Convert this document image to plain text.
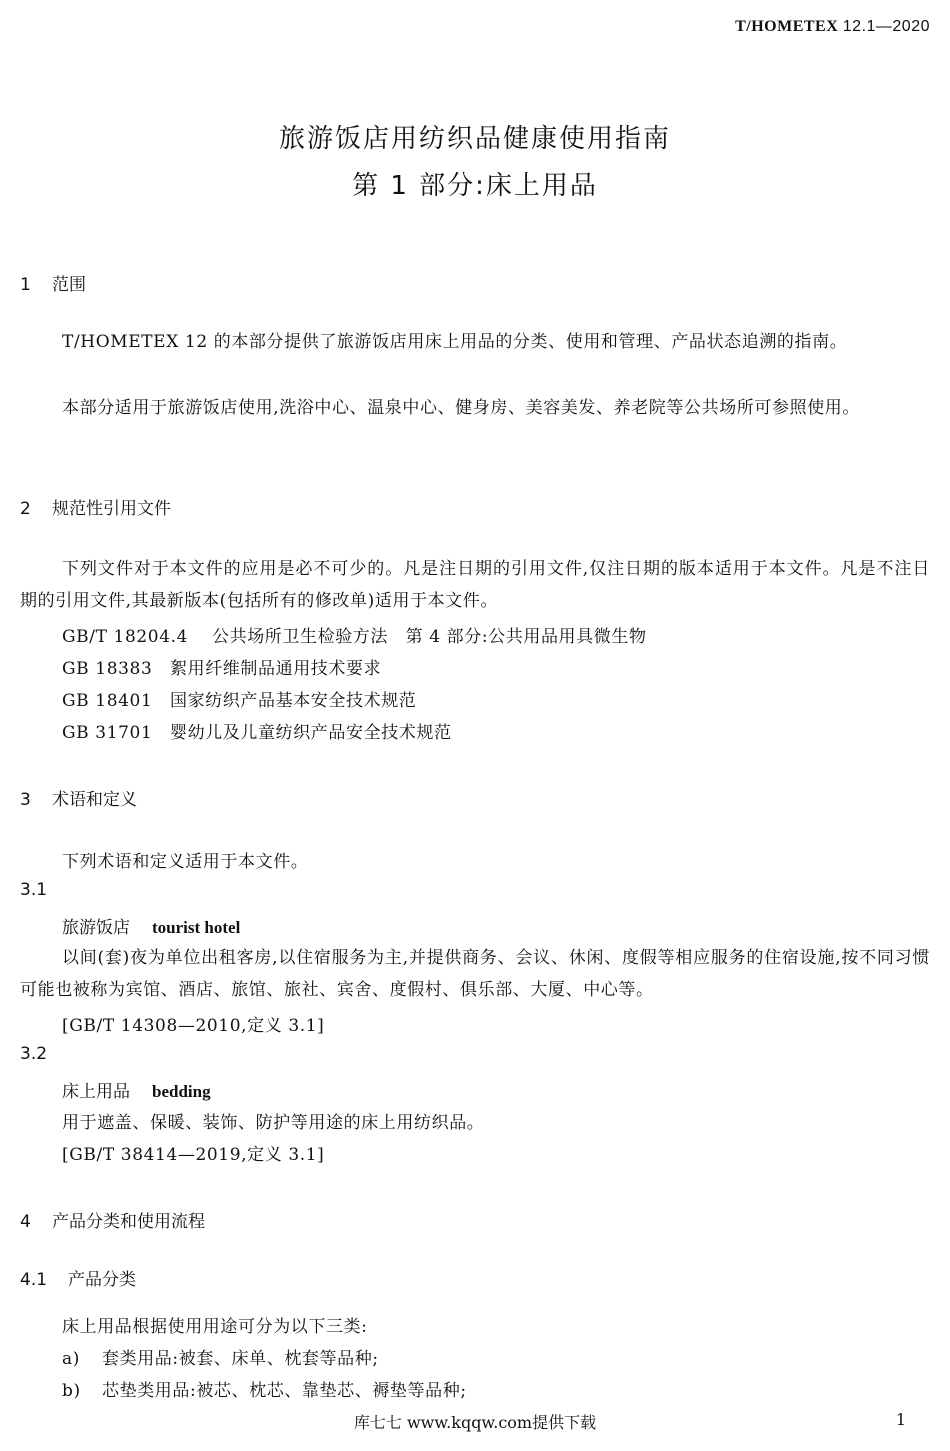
T/HOMETEX 12.1—2020
旅游饭店用纺织品健康使用指南
第 1 部分:床上用品
1 范围
T/HOMETEX 12 的本部分提供了旅游饭店用床上用品的分类、使用和管理、产品状态追溯的指南。
本部分适用于旅游饭店使用,洗浴中心、温泉中心、健身房、美容美发、养老院等公共场所可参照使用。
2 规范性引用文件
下列文件对于本文件的应用是必不可少的。凡是注日期的引用文件,仅注日期的版本适用于本文件。凡是不注日期的引用文件,其最新版本(包括所有的修改单)适用于本文件。
GB/T 18204.4 公共场所卫生检验方法　第 4 部分:公共用品用具微生物
GB 18383 絮用纤维制品通用技术要求
GB 18401 国家纺织产品基本安全技术规范
GB 31701 婴幼儿及儿童纺织产品安全技术规范
3 术语和定义
下列术语和定义适用于本文件。
3.1
旅游饭店 tourist hotel
以间(套)夜为单位出租客房,以住宿服务为主,并提供商务、会议、休闲、度假等相应服务的住宿设施,按不同习惯可能也被称为宾馆、酒店、旅馆、旅社、宾舍、度假村、俱乐部、大厦、中心等。
[GB/T 14308—2010,定义 3.1]
3.2
床上用品 bedding
用于遮盖、保暖、装饰、防护等用途的床上用纺织品。
[GB/T 38414—2019,定义 3.1]
4 产品分类和使用流程
4.1 产品分类
床上用品根据使用用途可分为以下三类:
a) 套类用品:被套、床单、枕套等品种;
b) 芯垫类用品:被芯、枕芯、靠垫芯、褥垫等品种;
库七七 www.kqqw.com提供下载	1
